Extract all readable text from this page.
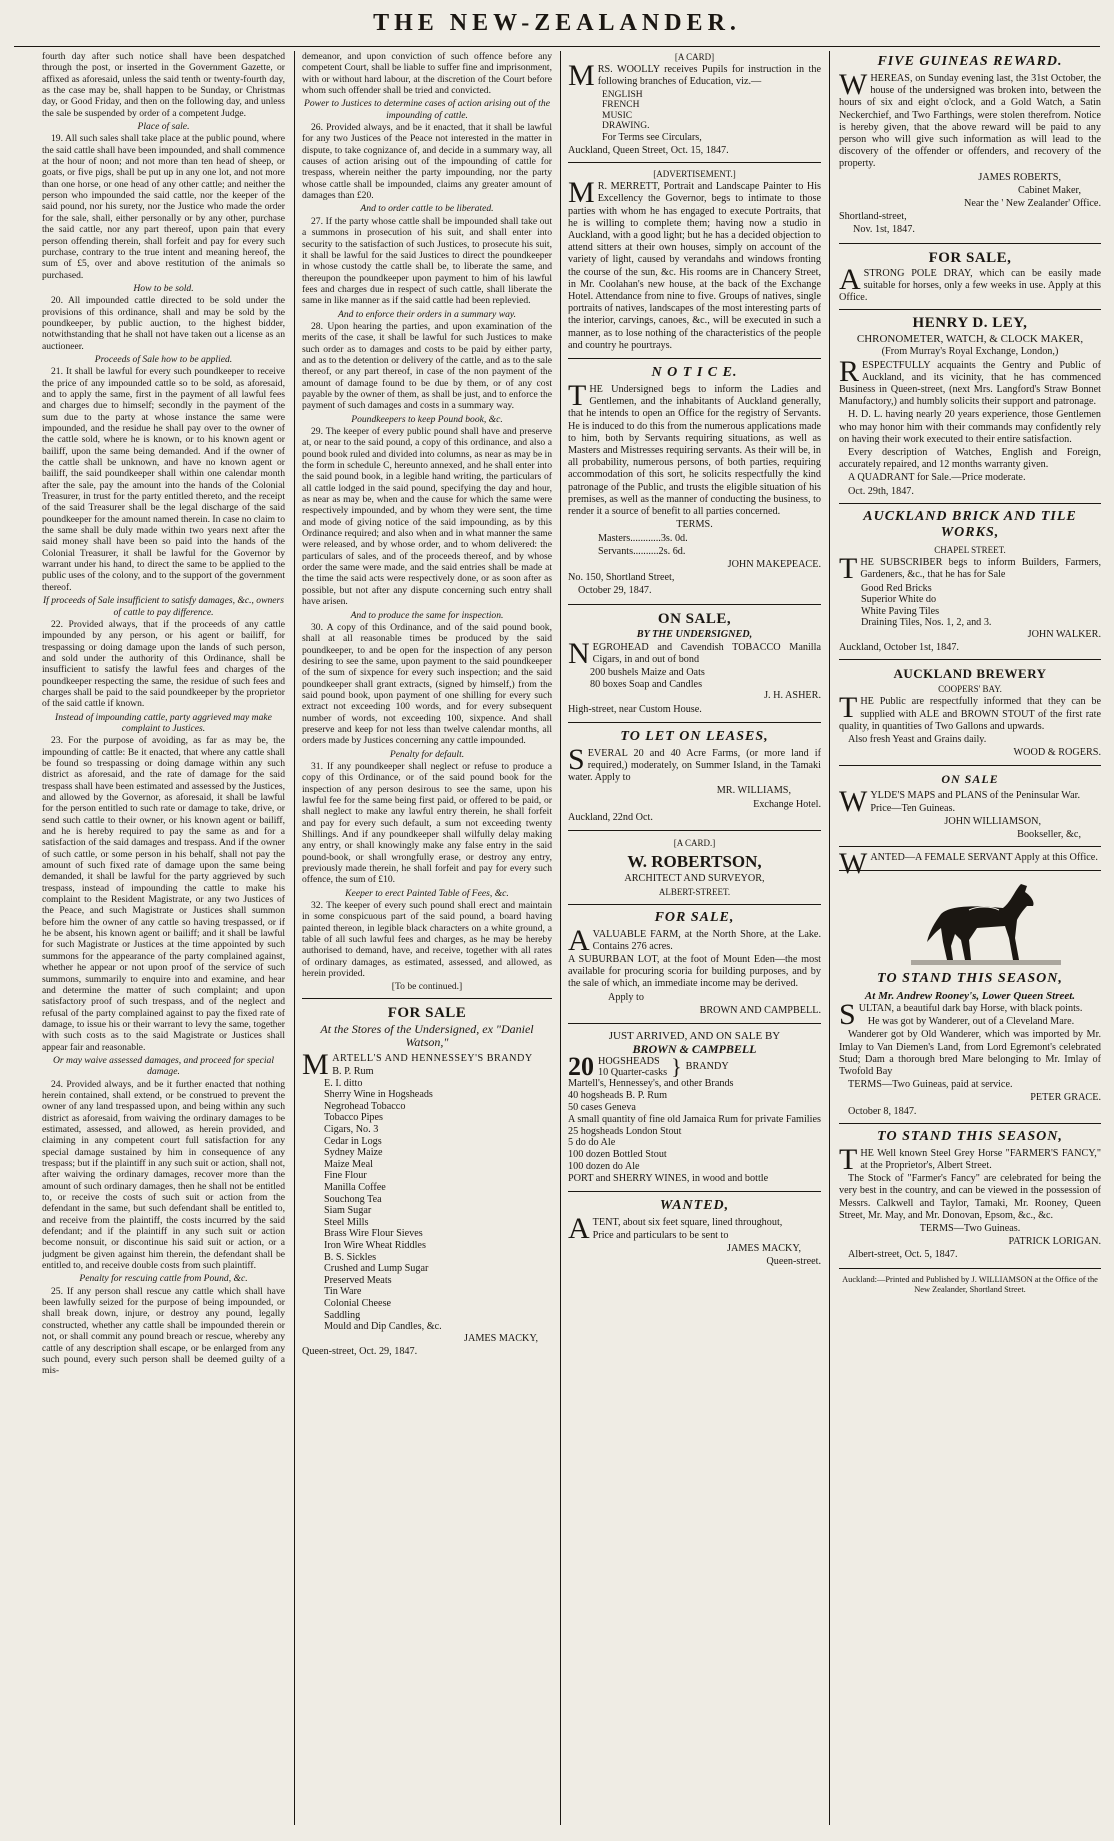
THE NEW-ZEALANDER.

fourth day after such notice shall have been despatched through the post, or inserted in the Government Gazette, or affixed as aforesaid, unless the said tenth or twenty-fourth day, as the case may be, shall happen to be Sunday, or Christmas day, or Good Friday, and then on the following day, and unless the sale be suspended by order of a competent Judge.

Place of sale.

19. All such sales shall take place at the public pound, where the said cattle shall have been impounded, and shall commence at the hour of noon; and not more than ten head of sheep, or goats, or five pigs, shall be put up in any one lot, and not more than one horse, or one head of any other cattle; and neither the person who impounded the said cattle, nor the keeper of the said pound, nor his surety, nor the Justice who made the order for the sale, shall, either personally or by any other, purchase the said cattle, nor any part thereof, upon pain that every person offending therein, shall forfeit and pay for every such purchase, contrary to the true intent and meaning hereof, the sum of £5, over and above restitution of the animals so purchased.

How to be sold.

20. All impounded cattle directed to be sold under the provisions of this ordinance, shall and may be sold by the poundkeeper, by public auction, to the highest bidder, notwithstanding that he shall not have taken out a license as an auctioneer.

Proceeds of Sale how to be applied.

21. It shall be lawful for every such poundkeeper to receive the price of any impounded cattle so to be sold, as aforesaid, and to apply the same, first in the payment of all lawful fees and charges due to himself; secondly in the payment of the sum due to the party at whose instance the same were impounded, and the residue he shall pay over to the owner of the cattle sold, where he is known, or to his known agent or bailiff, upon the same being demanded. And if the owner of the cattle shall be unknown, and have no known agent or bailiff, the said poundkeeper shall within one calendar month after the sale, pay the amount into the hands of the Colonial Treasurer, in trust for the party entitled thereto, and the receipt of the said Treasurer shall be the legal discharge of the said poundkeeper for the amount named therein. In case no claim to the same shall be duly made within two years next after the said money shall have been so paid into the hands of the Colonial Treasurer, it shall be lawful for the Governor by warrant under his hand, to direct the same to be applied to the public uses of the colony, and to the support of the government thereof.

If proceeds of Sale insufficient to satisfy damages, &c., owners of cattle to pay difference.

22. Provided always, that if the proceeds of any cattle impounded by any person, or his agent or bailiff, for trespassing or doing damage upon the lands of such person, and sold under the authority of this Ordinance, shall be insufficient to satisfy the lawful fees and charges of the poundkeeper respecting the same, the residue of such fees and charges shall be paid to the said poundkeeper by the proprietor of the said cattle if known.

Instead of impounding cattle, party aggrieved may make complaint to Justices.

23. For the purpose of avoiding, as far as may be, the impounding of cattle: Be it enacted, that where any cattle shall be found so trespassing or doing damage within any such district as aforesaid, and the rate of damage for the said trespass shall have been estimated and assessed by the Justices, and allowed by the Governor, as aforesaid, it shall be lawful for the person entitled to such rate or damage to take, drive, or send such cattle to their owner, or his known agent or bailiff, and he is hereby required to pay the same as and for a satisfaction of the said damages and trespass. And if the owner of such cattle, or some person in his behalf, shall not pay the amount of such fixed rate of damage upon the same being demanded, it shall be lawful for the party aggrieved by such trespass, instead of impounding the cattle to make his complaint to the Resident Magistrate, or any two Justices of the Peace, and such Magistrate or Justices shall summon before him the owner of any cattle so having trespassed, or if he be absent, his known agent or bailiff; and it shall be lawful for such Magistrate or Justices at the time appointed by such summons for the appearance of the party complained against, whether he appear or not upon proof of the service of such summons, summarily to enquire into and examine, and hear and determine the matter of such complaint; and upon satisfactory proof of such trespass, and of the neglect and refusal of the party complained against to pay the fixed rate of damage, to issue his or their warrant to levy the same, together with such costs as to the said Magistrate or Justices shall appear fair and reasonable.

Or may waive assessed damages, and proceed for special damage.

24. Provided always, and be it further enacted that nothing herein contained, shall extend, or be construed to prevent the owner of any land trespassed upon, and being within any such district as aforesaid, from waiving the ordinary damages to be estimated, assessed, and allowed, as herein provided, and claiming in any competent court full satisfaction for any special damage sustained by him in consequence of any trespass; but if the plaintiff in any such suit or action, shall not, after waiving the ordinary damages, recover more than the amount of such ordinary damages, then he shall not be entitled to, or receive the costs of such suit or action from the defendant in the same, but such defendant shall be entitled to, and receive from the plaintiff, the costs incurred by the said defendant; and if the plaintiff in any such suit or action become nonsuit, or discontinue his said suit or action, or a judgment be given against him therein, the defendant shall be entitled to, and receive double costs from such plaintiff.

Penalty for rescuing cattle from Pound, &c.

25. If any person shall rescue any cattle which shall have been lawfully seized for the purpose of being impounded, or shall break down, injure, or destroy any pound, legally constructed, whether any cattle shall be impounded therein or not, or shall commit any pound breach or rescue, whereby any cattle of any description shall escape, or be enlarged from any such pound, every such person shall be deemed guilty of a mis-

demeanor, and upon conviction of such offence before any competent Court, shall be liable to suffer fine and imprisonment, with or without hard labour, at the discretion of the Court before whom such offender shall be tried and convicted.

Power to Justices to determine cases of action arising out of the impounding of cattle.

26. Provided always, and be it enacted, that it shall be lawful for any two Justices of the Peace not interested in the matter in dispute, to take cognizance of, and decide in a summary way, all causes of action arising out of the impounding of cattle for trespass, wherein neither the party impounding, nor the party whose cattle shall be impounded, claims any greater amount of damages than £20.

And to order cattle to be liberated.

27. If the party whose cattle shall be impounded shall take out a summons in prosecution of his suit, and shall enter into security to the satisfaction of such Justices, to prosecute his suit, it shall be lawful for the said Justices to direct the poundkeeper in whose custody the cattle shall be, to liberate the same, and thereupon the poundkeeper upon payment to him of his lawful fees and charges due in respect of such cattle, shall liberate the same in like manner as if the said cattle had been replevied.

And to enforce their orders in a summary way.

28. Upon hearing the parties, and upon examination of the merits of the case, it shall be lawful for such Justices to make such order as to damages and costs to be paid by either party, and as to the detention or delivery of the cattle, and as to the sale thereof, or any part thereof, in case of the non payment of the amount of damage found to be due by them, or of any cost payable by the owner of them, as shall be just, and to enforce the payment of such damages and costs in a summary way.

Poundkeepers to keep Pound book, &c.

29. The keeper of every public pound shall have and preserve at, or near to the said pound, a copy of this ordinance, and also a pound book ruled and divided into columns, as near as may be in the form in schedule C, hereunto annexed, and he shall enter into the said pound book, in a legible hand writing, the particulars of all cattle lodged in the said pound, specifying the day and hour, as near as may be, when and the cause for which the same were respectively impounded, and by whom they were sent, the time and mode of giving notice of the said impounding, as by this Ordinance required; and also when and in what manner the same were released, and by whose order, and to whom delivered: the particulars of sales, and of the proceeds thereof, and by whose order the same were made, and the said entries shall be made at the time the said acts were respectively done, or as soon after as possible, but not after any dispute concerning such entry shall have arisen.

And to produce the same for inspection.

30. A copy of this Ordinance, and of the said pound book, shall at all reasonable times be produced by the said poundkeeper, to and be open for the inspection of any person desiring to see the same, upon payment to the said poundkeeper of the sum of sixpence for every such inspection; and the said poundkeeper shall grant extracts, (signed by himself,) from the said pound book, upon payment of one shilling for every such extract not exceeding 100 words, and for every subsequent number of words, not exceeding 100, sixpence. And shall preserve and keep for not less than twelve calendar months, all orders made by Justices concerning any cattle impounded.

Penalty for default.

31. If any poundkeeper shall neglect or refuse to produce a copy of this Ordinance, or of the said pound book for the inspection of any person desirous to see the same, upon his lawful fee for the same being first paid, or offered to be paid, or shall neglect to make any lawful entry therein, he shall forfeit and pay for every such default, a sum not exceeding twenty Shillings. And if any poundkeeper shall wilfully delay making any entry, or shall knowingly make any false entry in the said pound-book, or shall wrongfully erase, or destroy any entry, previously made therein, he shall forfeit and pay for every such offence, the sum of £10.

Keeper to erect Painted Table of Fees, &c.

32. The keeper of every such pound shall erect and maintain in some conspicuous part of the said pound, a board having painted thereon, in legible black characters on a white ground, a table of all such lawful fees and charges, as he may be hereby authorised to demand, have, and receive, together with all rates of ordinary damages, as estimated, assessed, and allowed, as herein provided.

[To be continued.]

FOR SALE

At the Stores of the Undersigned, ex "Daniel Watson,"

MARTELL'S AND HENNESSEY'S BRANDY

B. P. Rum
E. I. ditto
Sherry Wine in Hogsheads
Negrohead Tobacco
Tobacco Pipes
Cigars, No. 3
Cedar in Logs
Sydney Maize
Maize Meal
Fine Flour
Manilla Coffee
Souchong Tea
Siam Sugar
Steel Mills
Brass Wire Flour Sieves
Iron Wire Wheat Riddles
B. S. Sickles
Crushed and Lump Sugar
Preserved Meats
Tin Ware
Colonial Cheese
Saddling
Mould and Dip Candles, &c.

JAMES MACKY,

Queen-street, Oct. 29, 1847.

[A CARD]

MRS. WOOLLY receives Pupils for instruction in the following branches of Education, viz.—

ENGLISH
FRENCH
MUSIC
DRAWING.

For Terms see Circulars,

Auckland, Queen Street, Oct. 15, 1847.

[ADVERTISEMENT.]

MR. MERRETT, Portrait and Landscape Painter to His Excellency the Governor, begs to intimate to those parties with whom he has engaged to execute Portraits, that he is willing to complete them; having now a studio in Auckland, with a good light; but he has a decided objection to attend sitters at their own houses, simply on account of the variety of light, caused by verandahs and windows fronting the course of the sun, &c. His rooms are in Chancery Street, in Mr. Coolahan's new house, at the back of the Exchange Hotel. Attendance from nine to five. Groups of natives, single portraits of natives, landscapes of the most interesting parts of the interior, carvings, canoes, &c., will be executed in such a manner, as to lose nothing of the characteristics of the people and country he pourtrays.

N O T I C E.

THE Undersigned begs to inform the Ladies and Gentlemen, and the inhabitants of Auckland generally, that he intends to open an Office for the registry of Servants. He is induced to do this from the numerous applications made to him, both by Servants requiring situations, as well as Masters and Mistresses requiring servants. As their will be, in all probability, numerous persons, of both parties, requiring accommodation of this sort, he solicits respectfully the kind patronage of the Public, and trusts the eligible situation of his premises, as well as the manner of conducting the business, to render it a source of benefit to all parties concerned.

TERMS.

Masters............3s. 0d.

Servants..........2s. 6d.

JOHN MAKEPEACE.

No. 150, Shortland Street,

October 29, 1847.

ON SALE,

BY THE UNDERSIGNED,

NEGROHEAD and Cavendish TOBACCO Manilla Cigars, in and out of bond

200 bushels Maize and Oats
80 boxes Soap and Candles

J. H. ASHER.

High-street, near Custom House.

TO LET ON LEASES,

SEVERAL 20 and 40 Acre Farms, (or more land if required,) moderately, on Summer Island, in the Tamaki water. Apply to

MR. WILLIAMS,

Exchange Hotel.

Auckland, 22nd Oct.

[A CARD.]

W. ROBERTSON,

ARCHITECT AND SURVEYOR,

ALBERT-STREET.

FOR SALE,

AVALUABLE FARM, at the North Shore, at the Lake. Contains 276 acres.

A SUBURBAN LOT, at the foot of Mount Eden—the most available for procuring scoria for building purposes, and by the sale of which, an immediate income may be derived.

Apply to

BROWN AND CAMPBELL.

JUST ARRIVED, AND ON SALE BY

BROWN & CAMPBELL

20 HOGSHEADS
10 Quarter-casks } BRANDY
Martell's, Hennessey's, and other Brands
40 hogsheads B. P. Rum
50 cases Geneva
A small quantity of fine old Jamaica Rum for private Families
25 hogsheads London Stout
5 do do Ale
100 dozen Bottled Stout
100 dozen do Ale
PORT and SHERRY WINES, in wood and bottle
WANTED,

ATENT, about six feet square, lined throughout,

Price and particulars to be sent to

JAMES MACKY,

Queen-street.

FIVE GUINEAS REWARD.

WHEREAS, on Sunday evening last, the 31st October, the house of the undersigned was broken into, between the hours of six and eight o'clock, and a Gold Watch, a Satin Neckerchief, and Two Farthings, were stolen therefrom. Notice is hereby given, that the above reward will be paid to any person who will give such information as will lead to the discovery of the offender or offenders, and recovery of the property.

JAMES ROBERTS,

Cabinet Maker,

Near the ' New Zealander' Office.

Shortland-street,

Nov. 1st, 1847.

FOR SALE,

ASTRONG POLE DRAY, which can be easily made suitable for horses, only a few weeks in use. Apply at this Office.

HENRY D. LEY,

CHRONOMETER, WATCH, & CLOCK MAKER,

(From Murray's Royal Exchange, London,)

RESPECTFULLY acquaints the Gentry and Public of Auckland, and its vicinity, that he has commenced Business in Queen-street, (next Mrs. Langford's Straw Bonnet Manufactory,) and humbly solicits their support and patronage.

H. D. L. having nearly 20 years experience, those Gentlemen who may honor him with their commands may confidently rely on having their work executed to their entire satisfaction.

Every description of Watches, English and Foreign, accurately repaired, and 12 months warranty given.

A QUADRANT for Sale.—Price moderate.

Oct. 29th, 1847.

AUCKLAND BRICK AND TILE WORKS,

CHAPEL STREET.

THE SUBSCRIBER begs to inform Builders, Farmers, Gardeners, &c., that he has for Sale

Good Red Bricks
Superior White do
White Paving Tiles
Draining Tiles, Nos. 1, 2, and 3.

JOHN WALKER.

Auckland, October 1st, 1847.

AUCKLAND BREWERY

COOPERS' BAY.

THE Public are respectfully informed that they can be supplied with ALE and BROWN STOUT of the first rate quality, in quantities of Two Gallons and upwards.

Also fresh Yeast and Grains daily.

WOOD & ROGERS.

ON SALE

WYLDE'S MAPS and PLANS of the Peninsular War.

Price—Ten Guineas.

JOHN WILLIAMSON,

Bookseller, &c,

WANTED—A FEMALE SERVANT Apply at this Office.

TO STAND THIS SEASON,

At Mr. Andrew Rooney's, Lower Queen Street.

SULTAN, a beautiful dark bay Horse, with black points.

He was got by Wanderer, out of a Cleveland Mare.

Wanderer got by Old Wanderer, which was imported by Mr. Imlay to Van Diemen's Land, from Lord Egremont's celebrated Stud; Dam a thorough bred Mare belonging to Mr. Imlay of Twofold Bay

TERMS—Two Guineas, paid at service.

PETER GRACE.

October 8, 1847.

TO STAND THIS SEASON,

THE Well known Steel Grey Horse "FARMER'S FANCY," at the Proprietor's, Albert Street.

The Stock of "Farmer's Fancy" are celebrated for being the very best in the country, and can be viewed in the possession of Messrs. Calkwell and Taylor, Tamaki, Mr. Rooney, Queen Street, Mr. May, and Mr. Donovan, Epsom, &c., &c.

TERMS—Two Guineas.

PATRICK LORIGAN.

Albert-street, Oct. 5, 1847.

Auckland:—Printed and Published by J. WILLIAMSON at the Office of the New Zealander, Shortland Street.
